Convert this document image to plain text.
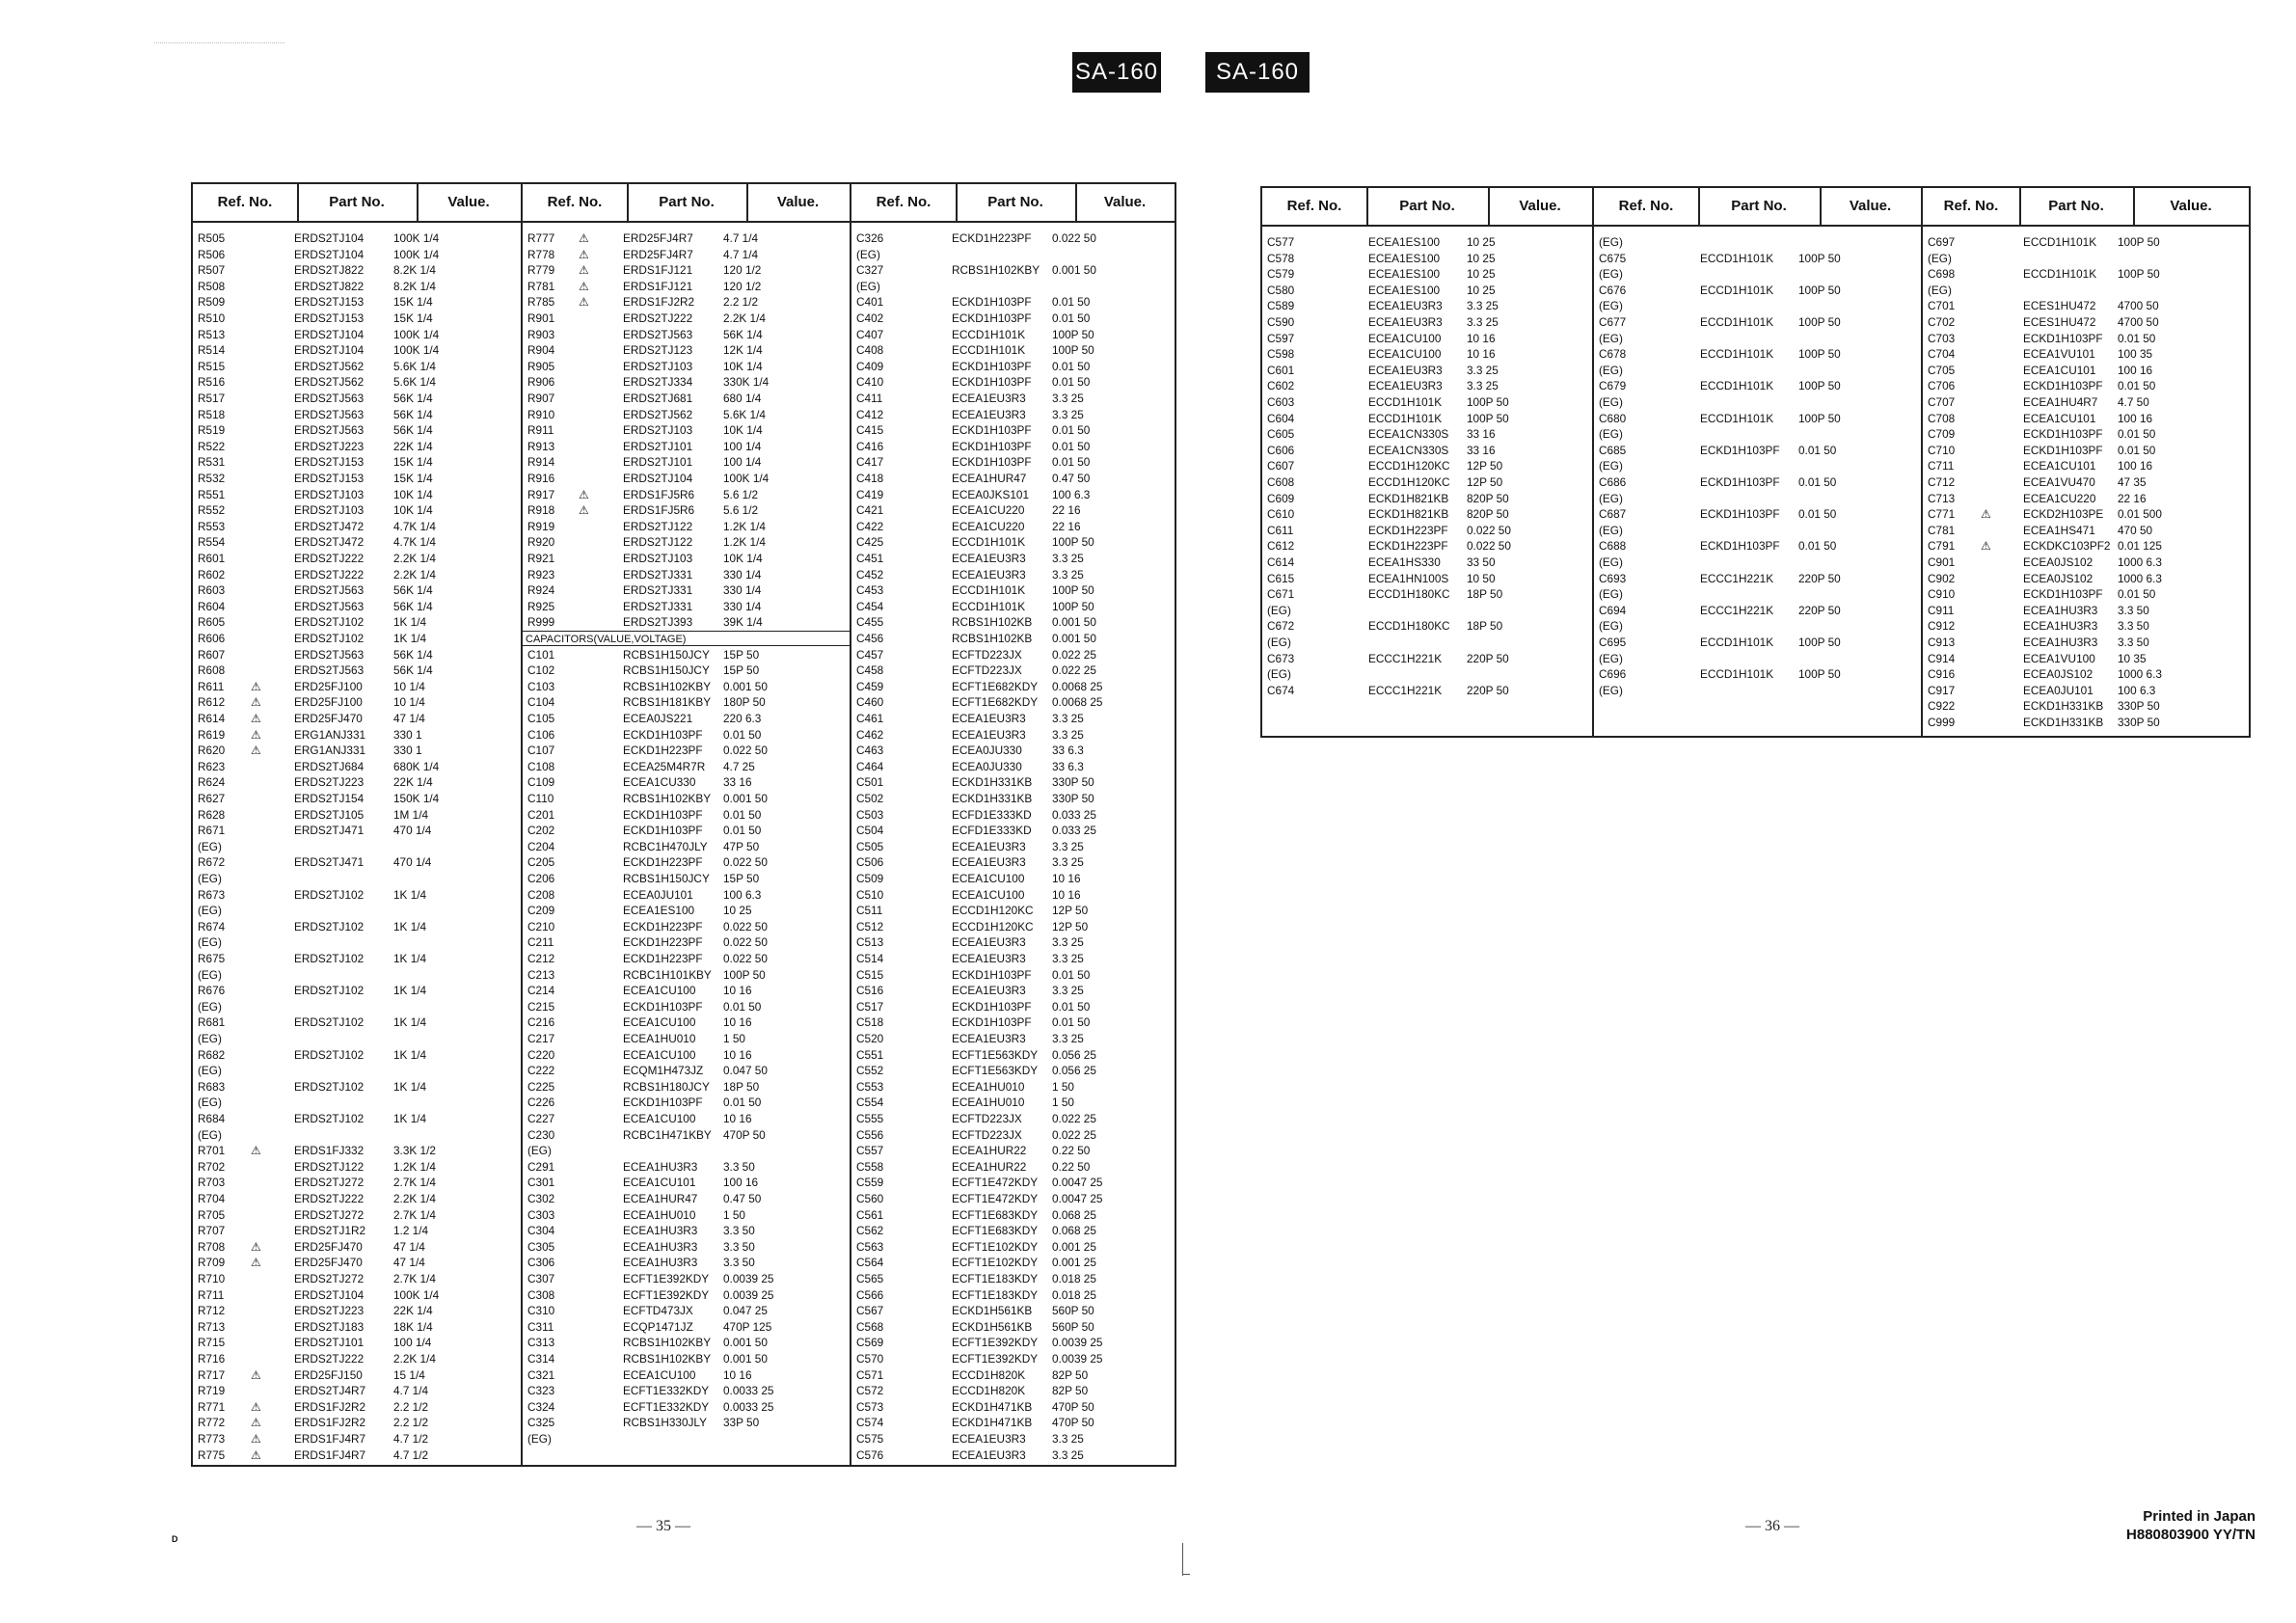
SA-160	SA-160
Ref. No.	Part No.	Value.
R505	ERDS2TJ104	100K 1/4
R506	ERDS2TJ104	100K 1/4
R507	ERDS2TJ822	8.2K 1/4
R508	ERDS2TJ822	8.2K 1/4
R509	ERDS2TJ153	15K 1/4
R510	ERDS2TJ153	15K 1/4
R513	ERDS2TJ104	100K 1/4
R514	ERDS2TJ104	100K 1/4
R515	ERDS2TJ562	5.6K 1/4
R516	ERDS2TJ562	5.6K 1/4
R517	ERDS2TJ563	56K 1/4
R518	ERDS2TJ563	56K 1/4
R519	ERDS2TJ563	56K 1/4
R522	ERDS2TJ223	22K 1/4
R531	ERDS2TJ153	15K 1/4
R532	ERDS2TJ153	15K 1/4
R551	ERDS2TJ103	10K 1/4
R552	ERDS2TJ103	10K 1/4
R553	ERDS2TJ472	4.7K 1/4
R554	ERDS2TJ472	4.7K 1/4
R601	ERDS2TJ222	2.2K 1/4
R602	ERDS2TJ222	2.2K 1/4
R603	ERDS2TJ563	56K 1/4
R604	ERDS2TJ563	56K 1/4
R605	ERDS2TJ102	1K 1/4
R606	ERDS2TJ102	1K 1/4
R607	ERDS2TJ563	56K 1/4
R608	ERDS2TJ563	56K 1/4
R611 ⚠	ERD25FJ100	10 1/4
R612 ⚠	ERD25FJ100	10 1/4
R614 ⚠	ERD25FJ470	47 1/4
R619 ⚠	ERG1ANJ331 330 1
R620 ⚠	ERG1ANJ331 330 1
R623	ERDS2TJ684	680K 1/4
R624	ERDS2TJ223	22K 1/4
R627	ERDS2TJ154	150K 1/4
R628	ERDS2TJ105	1M 1/4
R671	ERDS2TJ471	470 1/4
(EG)
R672	ERDS2TJ471	470 1/4
(EG)
R673	ERDS2TJ102	1K 1/4
(EG)
R674	ERDS2TJ102	1K 1/4
(EG)
R675	ERDS2TJ102	1K 1/4
(EG)
R676	ERDS2TJ102	1K 1/4
(EG)
R681	ERDS2TJ102	1K 1/4
(EG)
R682	ERDS2TJ102	1K 1/4
(EG)
R683	ERDS2TJ102	1K 1/4
(EG)
R684	ERDS2TJ102	1K 1/4
(EG)
R701 ⚠	ERDS1FJ332	3.3K 1/2
R702	ERDS2TJ122	1.2K 1/4
R703	ERDS2TJ272	2.7K 1/4
R704	ERDS2TJ222	2.2K 1/4
R705	ERDS2TJ272	2.7K 1/4
R707	ERDS2TJ1R2 1.2 1/4
R708 ⚠	ERD25FJ470	47 1/4
R709 ⚠	ERD25FJ470	47 1/4
R710	ERDS2TJ272	2.7K 1/4
R711	ERDS2TJ104	100K 1/4
R712	ERDS2TJ223	22K 1/4
R713	ERDS2TJ183	18K 1/4
R715	ERDS2TJ101	100 1/4
R716	ERDS2TJ222	2.2K 1/4
R717 ⚠	ERD25FJ150	15 1/4
R719	ERDS2TJ4R7 4.7 1/4
R771 ⚠	ERDS1FJ2R2 2.2 1/2
R772 ⚠	ERDS1FJ2R2 2.2 1/2
R773 ⚠	ERDS1FJ4R7 4.7 1/2
R775 ⚠	ERDS1FJ4R7 4.7 1/2
Ref. No.	Part No.	Value.
R777 ⚠	ERD25FJ4R7	4.7 1/4
R778 ⚠	ERD25FJ4R7	4.7 1/4
R779 ⚠	ERDS1FJ121	120 1/2
R781 ⚠	ERDS1FJ121	120 1/2
R785 ⚠	ERDS1FJ2R2	2.2 1/2
R901	ERDS2TJ222	2.2K 1/4
R903	ERDS2TJ563	56K 1/4
R904	ERDS2TJ123	12K 1/4
R905	ERDS2TJ103	10K 1/4
R906	ERDS2TJ334	330K 1/4
R907	ERDS2TJ681	680 1/4
R910	ERDS2TJ562	5.6K 1/4
R911	ERDS2TJ103	10K 1/4
R913	ERDS2TJ101	100 1/4
R914	ERDS2TJ101	100 1/4
R916	ERDS2TJ104	100K 1/4
R917 ⚠	ERDS1FJ5R6	5.6 1/2
R918 ⚠	ERDS1FJ5R6	5.6 1/2
R919	ERDS2TJ122	1.2K 1/4
R920	ERDS2TJ122	1.2K 1/4
R921	ERDS2TJ103	10K 1/4
R923	ERDS2TJ331	330 1/4
R924	ERDS2TJ331	330 1/4
R925	ERDS2TJ331	330 1/4
R999	ERDS2TJ393	39K 1/4
CAPACITORS(VALUE,VOLTAGE)
C101	RCBS1H150JCY 15P 50
C102	RCBS1H150JCY 15P 50
C103	RCBS1H102KBY 0.001 50
C104	RCBS1H181KBY 180P 50
C105	ECEA0JS221	220 6.3
C106	ECKD1H103PF 0.01 50
C107	ECKD1H223PF 0.022 50
C108	ECEA25M4R7R 4.7 25
C109	ECEA1CU330 33 16
C110	RCBS1H102KBY 0.001 50
C201	ECKD1H103PF 0.01 50
C202	ECKD1H103PF 0.01 50
C204	RCBC1H470JLY 47P 50
C205	ECKD1H223PF 0.022 50
C206	RCBS1H150JCY 15P 50
C208	ECEA0JU101	100 6.3
C209	ECEA1ES100	10 25
C210	ECKD1H223PF 0.022 50
C211	ECKD1H223PF 0.022 50
C212	ECKD1H223PF 0.022 50
C213	RCBC1H101KBY 100P 50
C214	ECEA1CU100 10 16
C215	ECKD1H103PF 0.01 50
C216	ECEA1CU100 10 16
C217	ECEA1HU010 1 50
C220	ECEA1CU100 10 16
C222	ECQM1H473JZ 0.047 50
C225	RCBS1H180JCY 18P 50
C226	ECKD1H103PF 0.01 50
C227	ECEA1CU100 10 16
C230	RCBC1H471KBY 470P 50
(EG)
C291	ECEA1HU3R3 3.3 50
C301	ECEA1CU101 100 16
C302	ECEA1HUR47 0.47 50
C303	ECEA1HU010 1 50
C304	ECEA1HU3R3 3.3 50
C305	ECEA1HU3R3 3.3 50
C306	ECEA1HU3R3 3.3 50
C307	ECFT1E392KDY 0.0039 25
C308	ECFT1E392KDY 0.0039 25
C310	ECFTD473JX	0.047 25
C311	ECQP1471JZ	470P 125
C313	RCBS1H102KBY 0.001 50
C314	RCBS1H102KBY 0.001 50
C321	ECEA1CU100 10 16
C323	ECFT1E332KDY 0.0033 25
C324	ECFT1E332KDY 0.0033 25
C325	RCBS1H330JLY 33P 50
(EG)
Ref. No.	Part No.	Value.
C326	ECKD1H223PF 0.022 50
(EG)
C327	RCBS1H102KBY 0.001 50
(EG)
C401	ECKD1H103PF 0.01 50
C402	ECKD1H103PF 0.01 50
C407	ECCD1H101K 100P 50
C408	ECCD1H101K 100P 50
C409	ECKD1H103PF 0.01 50
C410	ECKD1H103PF 0.01 50
C411	ECEA1EU3R3 3.3 25
C412	ECEA1EU3R3 3.3 25
C415	ECKD1H103PF 0.01 50
C416	ECKD1H103PF 0.01 50
C417	ECKD1H103PF 0.01 50
C418	ECEA1HUR47 0.47 50
C419	ECEA0JKS101 100 6.3
C421	ECEA1CU220 22 16
C422	ECEA1CU220 22 16
C425	ECCD1H101K 100P 50
C451	ECEA1EU3R3 3.3 25
C452	ECEA1EU3R3 3.3 25
C453	ECCD1H101K 100P 50
C454	ECCD1H101K 100P 50
C455	RCBS1H102KB 0.001 50
C456	RCBS1H102KB 0.001 50
C457	ECFTD223JX	0.022 25
C458	ECFTD223JX	0.022 25
C459	ECFT1E682KDY 0.0068 25
C460	ECFT1E682KDY 0.0068 25
C461	ECEA1EU3R3 3.3 25
C462	ECEA1EU3R3 3.3 25
C463	ECEA0JU330	33 6.3
C464	ECEA0JU330	33 6.3
C501	ECKD1H331KB 330P 50
C502	ECKD1H331KB 330P 50
C503	ECFD1E333KD 0.033 25
C504	ECFD1E333KD 0.033 25
C505	ECEA1EU3R3 3.3 25
C506	ECEA1EU3R3 3.3 25
C509	ECEA1CU100 10 16
C510	ECEA1CU100 10 16
C511	ECCD1H120KC 12P 50
C512	ECCD1H120KC 12P 50
C513	ECEA1EU3R3 3.3 25
C514	ECEA1EU3R3 3.3 25
C515	ECKD1H103PF 0.01 50
C516	ECEA1EU3R3 3.3 25
C517	ECKD1H103PF 0.01 50
C518	ECKD1H103PF 0.01 50
C520	ECEA1EU3R3 3.3 25
C551	ECFT1E563KDY 0.056 25
C552	ECFT1E563KDY 0.056 25
C553	ECEA1HU010 1 50
C554	ECEA1HU010 1 50
C555	ECFTD223JX	0.022 25
C556	ECFTD223JX	0.022 25
C557	ECEA1HUR22 0.22 50
C558	ECEA1HUR22 0.22 50
C559	ECFT1E472KDY 0.0047 25
C560	ECFT1E472KDY 0.0047 25
C561	ECFT1E683KDY 0.068 25
C562	ECFT1E683KDY 0.068 25
C563	ECFT1E102KDY 0.001 25
C564	ECFT1E102KDY 0.001 25
C565	ECFT1E183KDY 0.018 25
C566	ECFT1E183KDY 0.018 25
C567	ECKD1H561KB 560P 50
C568	ECKD1H561KB 560P 50
C569	ECFT1E392KDY 0.0039 25
C570	ECFT1E392KDY 0.0039 25
C571	ECCD1H820K 82P 50
C572	ECCD1H820K 82P 50
C573	ECKD1H471KB 470P 50
C574	ECKD1H471KB 470P 50
C575	ECEA1EU3R3 3.3 25
C576	ECEA1EU3R3 3.3 25
Ref. No.	Part No.	Value.
C577	ECEA1ES100 10 25
C578	ECEA1ES100 10 25
C579	ECEA1ES100 10 25
C580	ECEA1ES100 10 25
C589	ECEA1EU3R3 3.3 25
C590	ECEA1EU3R3 3.3 25
C597	ECEA1CU100 10 16
C598	ECEA1CU100 10 16
C601	ECEA1EU3R3 3.3 25
C602	ECEA1EU3R3 3.3 25
C603	ECCD1H101K 100P 50
C604	ECCD1H101K 100P 50
C605	ECEA1CN330S 33 16
C606	ECEA1CN330S 33 16
C607	ECCD1H120KC 12P 50
C608	ECCD1H120KC 12P 50
C609	ECKD1H821KB 820P 50
C610	ECKD1H821KB 820P 50
C611	ECKD1H223PF 0.022 50
C612	ECKD1H223PF 0.022 50
C614	ECEA1HS330 33 50
C615	ECEA1HN100S 10 50
C671	ECCD1H180KC 18P 50
(EG)
C672	ECCD1H180KC 18P 50
(EG)
C673	ECCC1H221K 220P 50
(EG)
C674	ECCC1H221K 220P 50
Ref. No.	Part No.	Value.
(EG)
C675	ECCD1H101K 100P 50
(EG)
C676	ECCD1H101K 100P 50
(EG)
C677	ECCD1H101K 100P 50
(EG)
C678	ECCD1H101K 100P 50
(EG)
C679	ECCD1H101K 100P 50
(EG)
C680	ECCD1H101K 100P 50
(EG)
C685	ECKD1H103PF 0.01 50
(EG)
C686	ECKD1H103PF 0.01 50
(EG)
C687	ECKD1H103PF 0.01 50
(EG)
C688	ECKD1H103PF 0.01 50
(EG)
C693	ECCC1H221K 220P 50
(EG)
C694	ECCC1H221K 220P 50
(EG)
C695	ECCD1H101K 100P 50
(EG)
C696	ECCD1H101K 100P 50
(EG)
Ref. No.	Part No.	Value.
C697	ECCD1H101K 100P 50
(EG)
C698	ECCD1H101K 100P 50
(EG)
C701	ECES1HU472 4700 50
C702	ECES1HU472 4700 50
C703	ECKD1H103PF 0.01 50
C704	ECEA1VU101 100 35
C705	ECEA1CU101 100 16
C706	ECKD1H103PF 0.01 50
C707	ECEA1HU4R7 4.7 50
C708	ECEA1CU101 100 16
C709	ECKD1H103PF 0.01 50
C710	ECKD1H103PF 0.01 50
C711	ECEA1CU101 100 16
C712	ECEA1VU470 47 35
C713	ECEA1CU220 22 16
C771 ⚠	ECKD2H103PE 0.01 500
C781	ECEA1HS471 470 50
C791 ⚠	ECKDKC103PF2 0.01 125
C901	ECEA0JS102 1000 6.3
C902	ECEA0JS102 1000 6.3
C910	ECKD1H103PF 0.01 50
C911	ECEA1HU3R3 3.3 50
C912	ECEA1HU3R3 3.3 50
C913	ECEA1HU3R3 3.3 50
C914	ECEA1VU100 10 35
C916	ECEA0JS102 1000 6.3
C917	ECEA0JU101 100 6.3
C922	ECKD1H331KB 330P 50
C999	ECKD1H331KB 330P 50
— 35 —	— 36 —
D
Printed in Japan
H880803900 YY/TN
